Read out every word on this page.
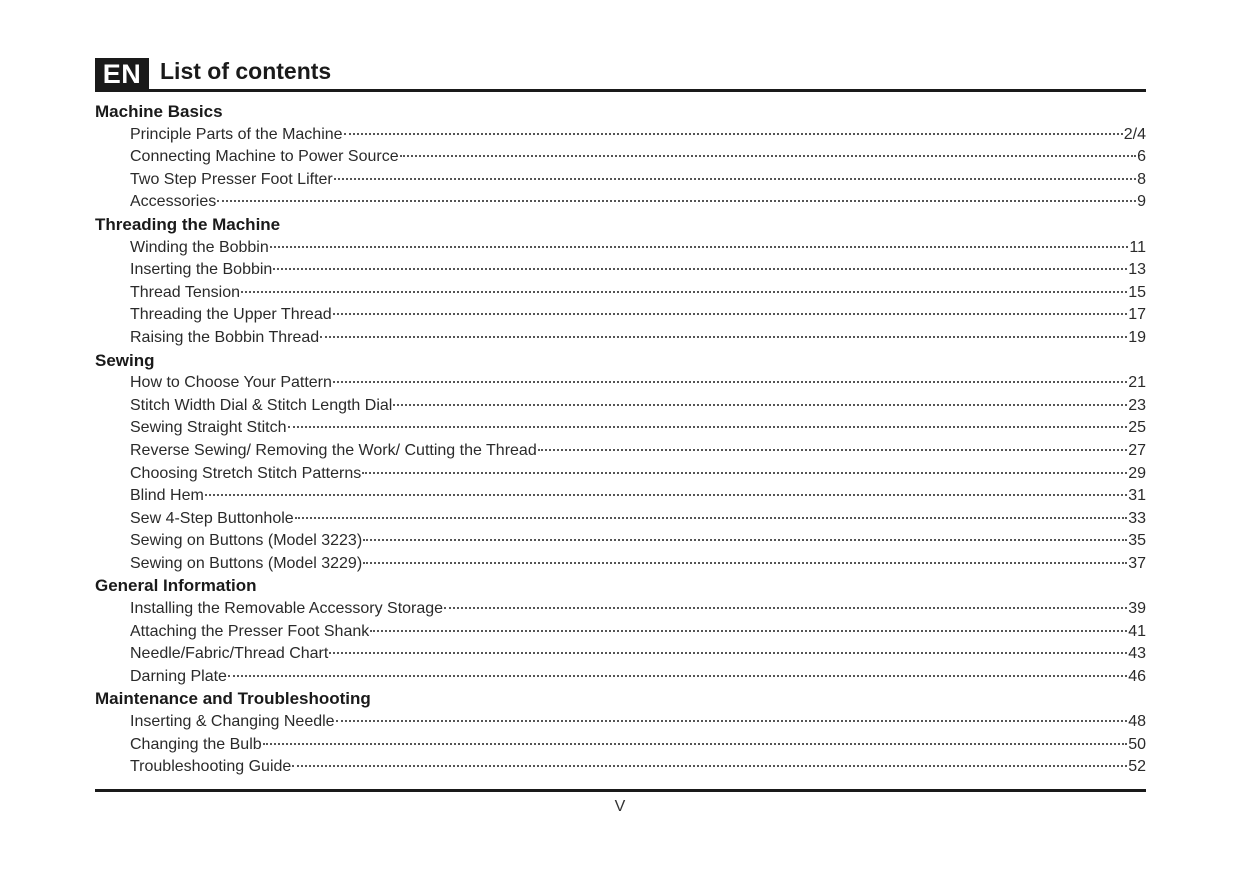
EN List of contents
Machine Basics
Principle Parts of the Machine	2/4
Connecting Machine to Power Source	6
Two Step Presser Foot Lifter	8
Accessories	9
Threading the Machine
Winding the Bobbin	11
Inserting the Bobbin	13
Thread Tension	15
Threading the Upper Thread	17
Raising the Bobbin Thread	19
Sewing
How to Choose Your Pattern	21
Stitch Width Dial & Stitch Length Dial	23
Sewing Straight Stitch	25
Reverse Sewing/ Removing the Work/ Cutting the Thread	27
Choosing Stretch Stitch Patterns	29
Blind Hem	31
Sew 4-Step Buttonhole	33
Sewing on Buttons (Model 3223)	35
Sewing on Buttons (Model 3229)	37
General Information
Installing the Removable Accessory Storage	39
Attaching the Presser Foot Shank	41
Needle/Fabric/Thread Chart	43
Darning Plate	46
Maintenance and Troubleshooting
Inserting & Changing Needle	48
Changing the Bulb	50
Troubleshooting Guide	52
V
